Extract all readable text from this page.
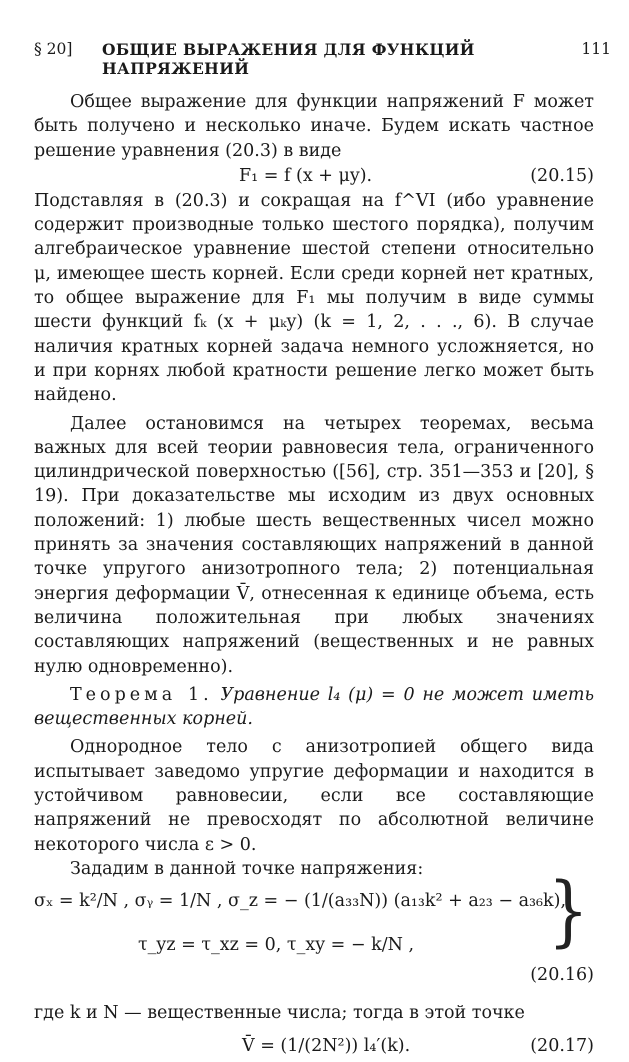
§ 20] ОБЩИЕ ВЫРАЖЕНИЯ ДЛЯ ФУНКЦИЙ НАПРЯЖЕНИЙ
111

Общее выражение для функции напряжений F может быть получено и несколько иначе. Будем искать частное решение уравнения (20.3) в виде

F₁ = f (x + μy).	(20.15)

Подставляя в (20.3) и сокращая на f^VI (ибо уравнение содержит производные только шестого порядка), получим алгебраическое уравнение шестой степени относительно μ, имеющее шесть корней. Если среди корней нет кратных, то общее выражение для F₁ мы получим в виде суммы шести функций fₖ (x + μₖy) (k = 1, 2, . . ., 6). В случае наличия кратных корней задача немного усложняется, но и при корнях любой кратности решение легко может быть найдено.

Далее остановимся на четырех теоремах, весьма важных для всей теории равновесия тела, ограниченного цилиндрической поверхностью ([56], стр. 351—353 и [20], § 19). При доказательстве мы исходим из двух основных положений: 1) любые шесть вещественных чисел можно принять за значения составляющих напряжений в данной точке упругого анизотропного тела; 2) потенциальная энергия деформации V̄, отнесенная к единице объема, есть величина положительная при любых значениях составляющих напряжений (вещественных и не равных нулю одновременно).

Теорема 1. Уравнение l₄ (μ) = 0 не может иметь вещественных корней.

Однородное тело с анизотропией общего вида испытывает заведомо упругие деформации и находится в устойчивом равновесии, если все составляющие напряжений не превосходят по абсолютной величине некоторого числа ε > 0.

Зададим в данной точке напряжения:

σₓ = k²/N , σᵧ = 1/N , σ_z = − (1/(a₃₃N)) (a₁₃k² + a₂₃ − a₃₆k),
τ_yz = τ_xz = 0, τ_xy = − k/N , }
(20.16)

где k и N — вещественные числа; тогда в этой точке

V̄ = (1/(2N²)) l₄′(k).	(20.17)
